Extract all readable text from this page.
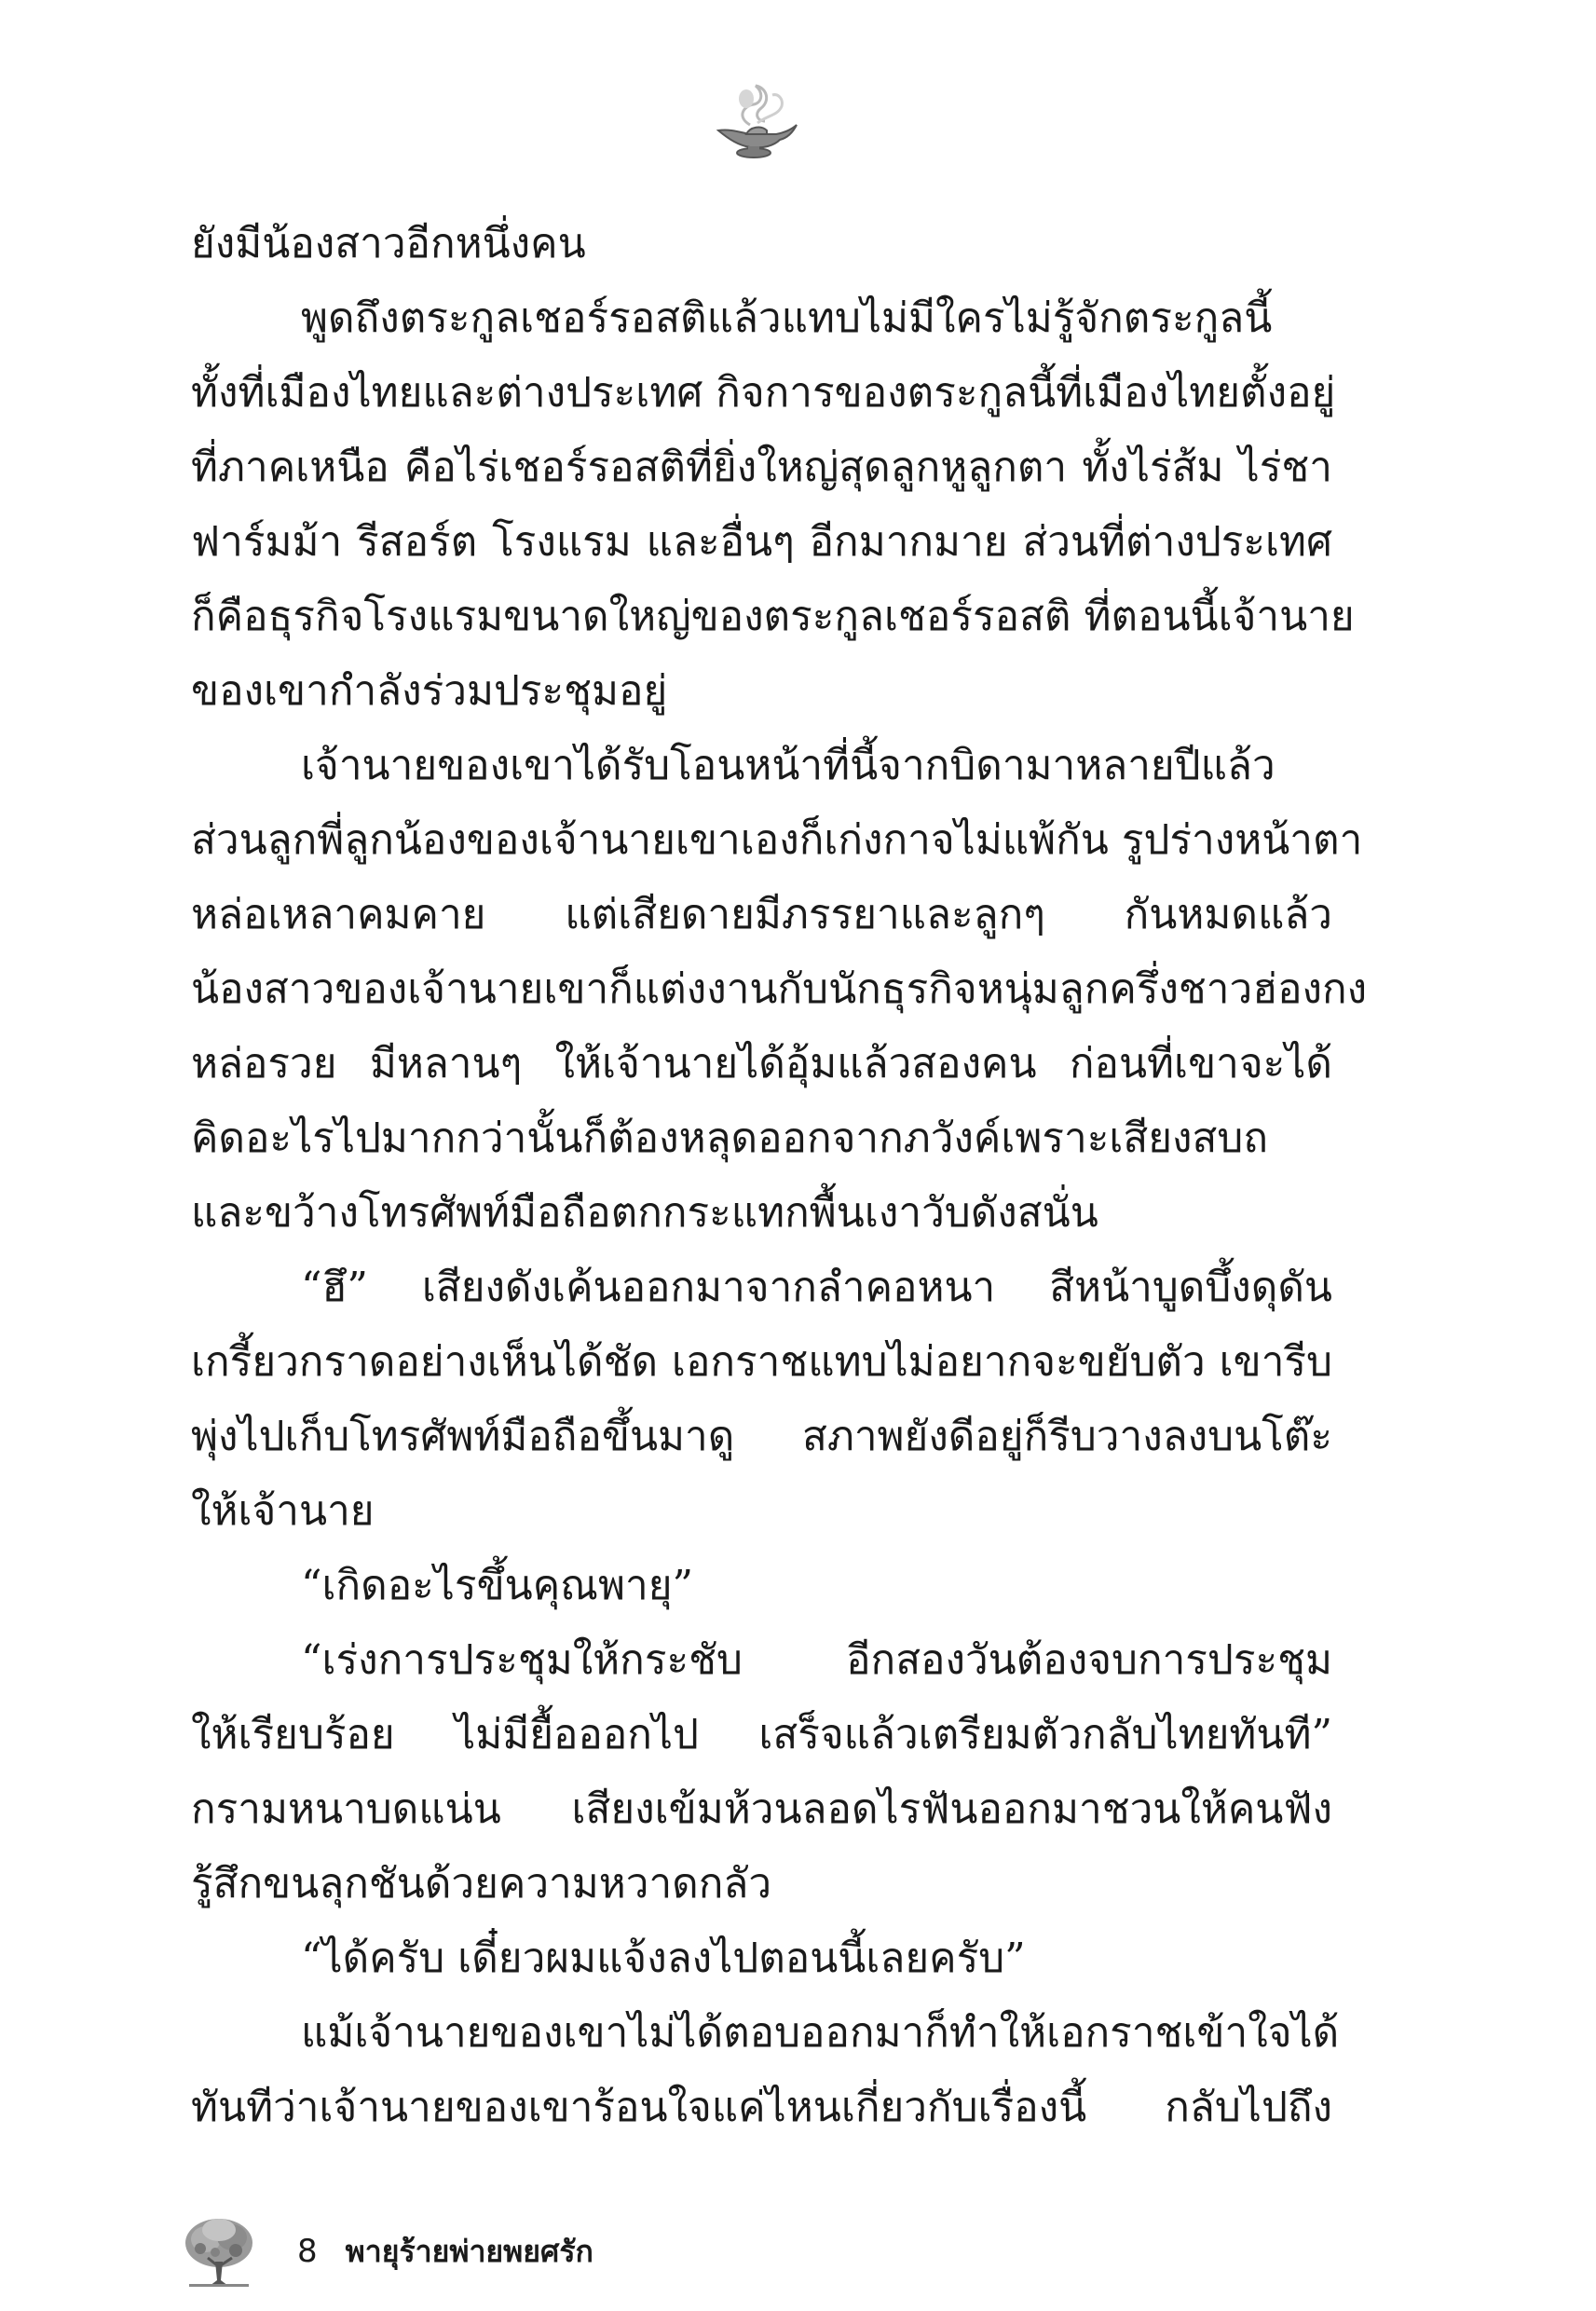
ยังมีน้องสาวอีกหนึ่งคน
พูดถึงตระกูลเชอร์รอสติแล้วแทบไม่มีใครไม่รู้จักตระกูลนี้
ทั้งที่เมืองไทยและต่างประเทศ กิจการของตระกูลนี้ที่เมืองไทยตั้งอยู่
ที่ภาคเหนือ คือไร่เชอร์รอสติที่ยิ่งใหญ่สุดลูกหูลูกตา ทั้งไร่ส้ม ไร่ชา
ฟาร์มม้า รีสอร์ต โรงแรม และอื่นๆ อีกมากมาย ส่วนที่ต่างประเทศ
ก็คือธุรกิจโรงแรมขนาดใหญ่ของตระกูลเชอร์รอสติ ที่ตอนนี้เจ้านาย
ของเขากำลังร่วมประชุมอยู่
เจ้านายของเขาได้รับโอนหน้าที่นี้จากบิดามาหลายปีแล้ว
ส่วนลูกพี่ลูกน้องของเจ้านายเขาเองก็เก่งกาจไม่แพ้กัน รูปร่างหน้าตา
หล่อเหลาคมคาย แต่เสียดายมีภรรยาและลูกๆ กันหมดแล้ว
น้องสาวของเจ้านายเขาก็แต่งงานกับนักธุรกิจหนุ่มลูกครึ่งชาวฮ่องกง
หล่อรวย มีหลานๆ ให้เจ้านายได้อุ้มแล้วสองคน ก่อนที่เขาจะได้
คิดอะไรไปมากกว่านั้นก็ต้องหลุดออกจากภวังค์เพราะเสียงสบถ
และขว้างโทรศัพท์มือถือตกกระแทกพื้นเงาวับดังสนั่น
“ฮึ” เสียงดังเค้นออกมาจากลำคอหนา สีหน้าบูดบึ้งดุดัน
เกรี้ยวกราดอย่างเห็นได้ชัด เอกราชแทบไม่อยากจะขยับตัว เขารีบ
พุ่งไปเก็บโทรศัพท์มือถือขึ้นมาดู สภาพยังดีอยู่ก็รีบวางลงบนโต๊ะ
ให้เจ้านาย
“เกิดอะไรขึ้นคุณพายุ”
“เร่งการประชุมให้กระชับ อีกสองวันต้องจบการประชุม
ให้เรียบร้อย ไม่มียื้อออกไป เสร็จแล้วเตรียมตัวกลับไทยทันที”
กรามหนาบดแน่น เสียงเข้มห้วนลอดไรฟันออกมาชวนให้คนฟัง
รู้สึกขนลุกชันด้วยความหวาดกลัว
“ได้ครับ เดี๋ยวผมแจ้งลงไปตอนนี้เลยครับ”
แม้เจ้านายของเขาไม่ได้ตอบออกมาก็ทำให้เอกราชเข้าใจได้
ทันทีว่าเจ้านายของเขาร้อนใจแค่ไหนเกี่ยวกับเรื่องนี้ กลับไปถึง
8 พายุร้ายพ่ายพยศรัก
